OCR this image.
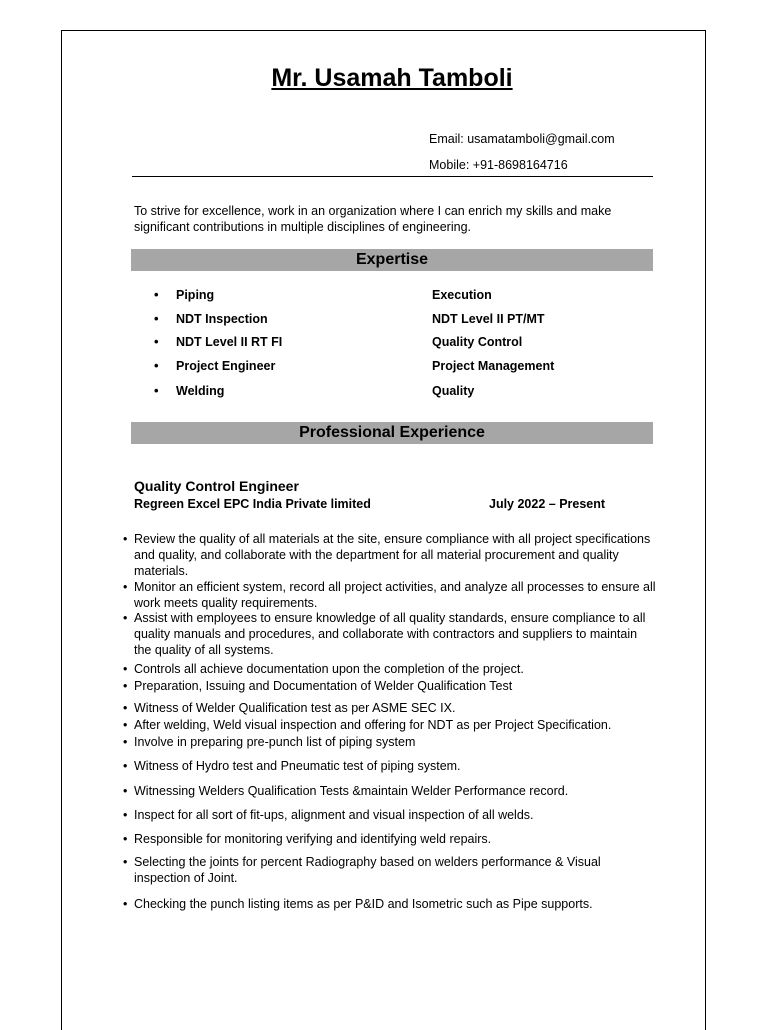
Mr. Usamah Tamboli
Email: usamatamboli@gmail.com
Mobile: +91-8698164716
To strive for excellence, work in an organization where I can enrich my skills and make significant contributions in multiple disciplines of engineering.
Expertise
• Piping
• NDT Inspection
• NDT Level II RT FI
• Project Engineer
• Welding
Execution
NDT Level II PT/MT
Quality Control
Project Management
Quality
Professional Experience
Quality Control Engineer
Regreen Excel EPC India Private limited	July 2022 – Present
• Review the quality of all materials at the site, ensure compliance with all project specifications and quality, and collaborate with the department for all material procurement and quality materials.
• Monitor an efficient system, record all project activities, and analyze all processes to ensure all work meets quality requirements.
• Assist with employees to ensure knowledge of all quality standards, ensure compliance to all quality manuals and procedures, and collaborate with contractors and suppliers to maintain the quality of all systems.
• Controls all achieve documentation upon the completion of the project.
• Preparation, Issuing and Documentation of Welder Qualification Test
• Witness of Welder Qualification test as per ASME SEC IX.
• After welding, Weld visual inspection and offering for NDT as per Project Specification.
• Involve in preparing pre-punch list of piping system
• Witness of Hydro test and Pneumatic test of piping system.
• Witnessing Welders Qualification Tests &maintain Welder Performance record.
• Inspect for all sort of fit-ups, alignment and visual inspection of all welds.
• Responsible for monitoring verifying and identifying weld repairs.
• Selecting the joints for percent Radiography based on welders performance & Visual inspection of Joint.
• Checking the punch listing items as per P&ID and Isometric such as Pipe supports.
